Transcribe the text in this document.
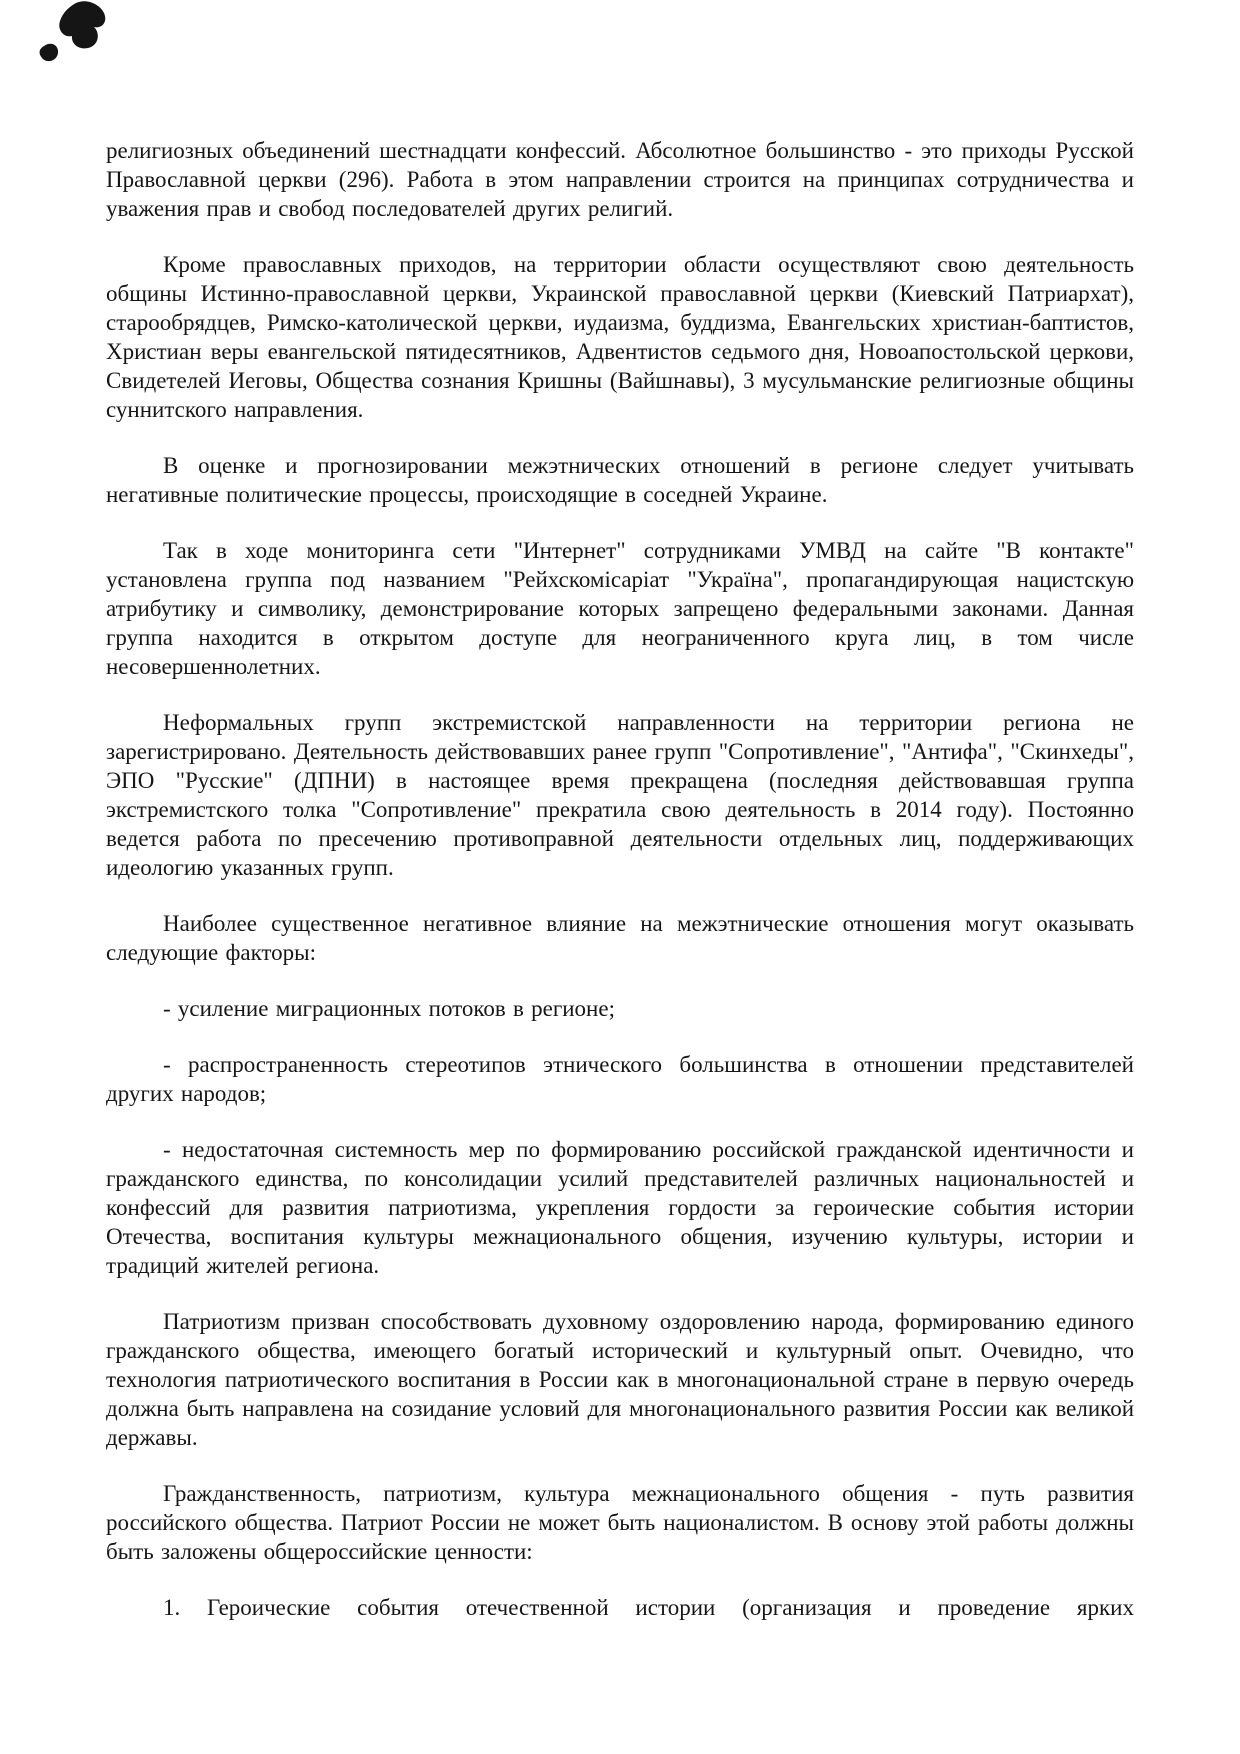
религиозных объединений шестнадцати конфессий. Абсолютное большинство - это приходы Русской Православной церкви (296). Работа в этом направлении строится на принципах сотрудничества и уважения прав и свобод последователей других религий.

Кроме православных приходов, на территории области осуществляют свою деятельность общины Истинно-православной церкви, Украинской православной церкви (Киевский Патриархат), старообрядцев, Римско-католической церкви, иудаизма, буддизма, Евангельских христиан-баптистов, Христиан веры евангельской пятидесятников, Адвентистов седьмого дня, Новоапостольской церкови, Свидетелей Иеговы, Общества сознания Кришны (Вайшнавы), 3 мусульманские религиозные общины суннитского направления.

В оценке и прогнозировании межэтнических отношений в регионе следует учитывать негативные политические процессы, происходящие в соседней Украине.

Так в ходе мониторинга сети "Интернет" сотрудниками УМВД на сайте "В контакте" установлена группа под названием "Рейхскомісаріат "Україна", пропагандирующая нацистскую атрибутику и символику, демонстрирование которых запрещено федеральными законами. Данная группа находится в открытом доступе для неограниченного круга лиц, в том числе несовершеннолетних.

Неформальных групп экстремистской направленности на территории региона не зарегистрировано. Деятельность действовавших ранее групп "Сопротивление", "Антифа", "Скинхеды", ЭПО "Русские" (ДПНИ) в настоящее время прекращена (последняя действовавшая группа экстремистского толка "Сопротивление" прекратила свою деятельность в 2014 году). Постоянно ведется работа по пресечению противоправной деятельности отдельных лиц, поддерживающих идеологию указанных групп.

Наиболее существенное негативное влияние на межэтнические отношения могут оказывать следующие факторы:

- усиление миграционных потоков в регионе;

- распространенность стереотипов этнического большинства в отношении представителей других народов;

- недостаточная системность мер по формированию российской гражданской идентичности и гражданского единства, по консолидации усилий представителей различных национальностей и конфессий для развития патриотизма, укрепления гордости за героические события истории Отечества, воспитания культуры межнационального общения, изучению культуры, истории и традиций жителей региона.

Патриотизм призван способствовать духовному оздоровлению народа, формированию единого гражданского общества, имеющего богатый исторический и культурный опыт. Очевидно, что технология патриотического воспитания в России как в многонациональной стране в первую очередь должна быть направлена на созидание условий для многонационального развития России как великой державы.

Гражданственность, патриотизм, культура межнационального общения - путь развития российского общества. Патриот России не может быть националистом. В основу этой работы должны быть заложены общероссийские ценности:

1. Героические события отечественной истории (организация и проведение ярких
